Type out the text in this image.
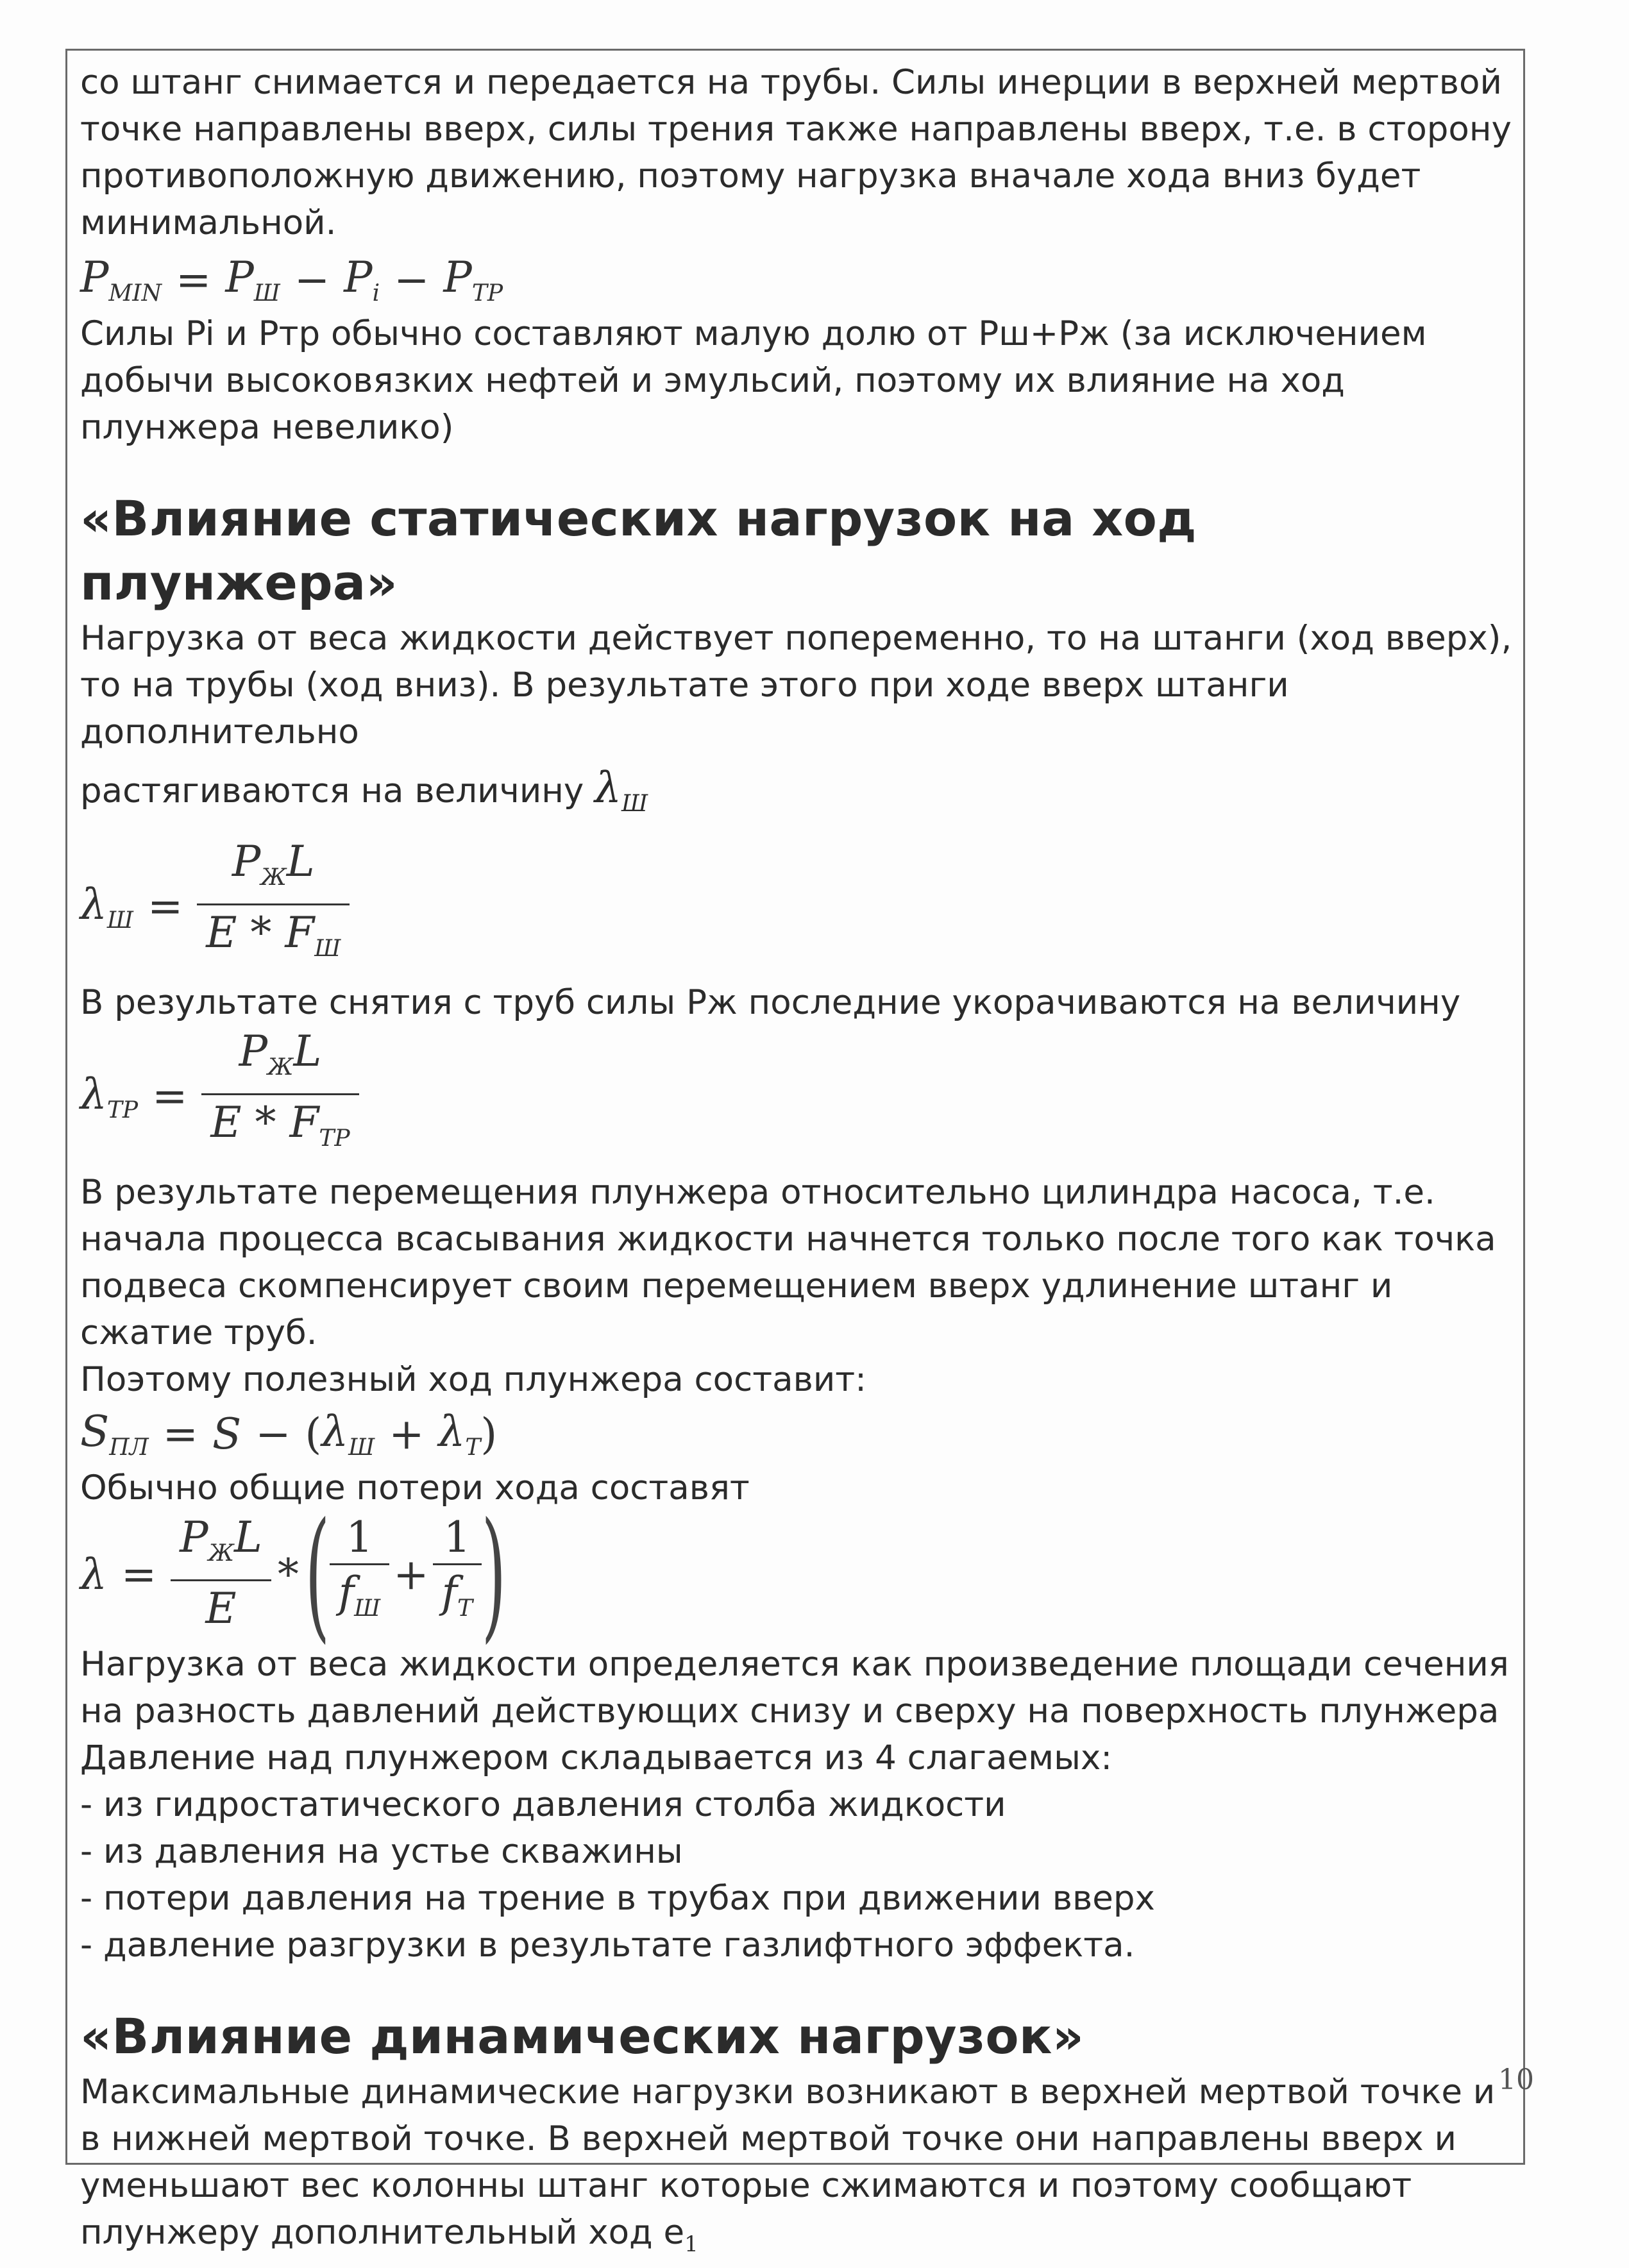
со штанг снимается и передается на трубы. Силы инерции в верхней мертвой точке направлены вверх, силы трения также направлены вверх, т.е. в сторону противоположную движению, поэтому нагрузка вначале хода вниз будет минимальной.

$P_{MIN} = P_Ш - P_i - P_{TP}$

Силы Pi и Ртр обычно составляют малую долю от Рш+Рж (за исключением добычи высоковязких нефтей и эмульсий, поэтому их влияние на ход плунжера невелико)

«Влияние статических нагрузок на ход плунжера»

Нагрузка от веса жидкости действует попеременно, то на штанги (ход вверх), то на трубы (ход вниз). В результате этого при ходе вверх штанги дополнительно

растягиваются на величину $\lambda_Ш$

$\lambda_Ш = \frac{P_ЖL}{E * F_Ш}$

В результате снятия с труб силы Рж последние укорачиваются на величину

$\lambda_{TP} = \frac{P_ЖL}{E * F_{TP}}$

В результате перемещения плунжера относительно цилиндра насоса, т.е. начала процесса всасывания жидкости начнется только после того как точка подвеса скомпенсирует своим перемещением вверх удлинение штанг и сжатие труб.

Поэтому полезный ход плунжера составит:

$S_{ПЛ} = S$ − ( $\lambda_Ш + \lambda_T$ )

Обычно общие потери хода составят

$\lambda = \frac{P_ЖL}{E}$ * ( $\frac{1}{f_Ш} + \frac{1}{f_T}$ )

Нагрузка от веса жидкости определяется как произведение площади сечения на разность давлений действующих снизу и сверху на поверхность плунжера

Давление над плунжером складывается из 4 слагаемых:

- из гидростатического давления столба жидкости

- из давления на устье скважины

- потери давления на трение в трубах при движении вверх

- давление разгрузки в результате газлифтного эффекта.

«Влияние динамических нагрузок»

Максимальные динамические нагрузки возникают в верхней мертвой точке и в нижней мертвой точке. В верхней мертвой точке они направлены вверх и уменьшают вес колонны штанг которые сжимаются и поэтому сообщают плунжеру дополнительный ход $e_1$

10
